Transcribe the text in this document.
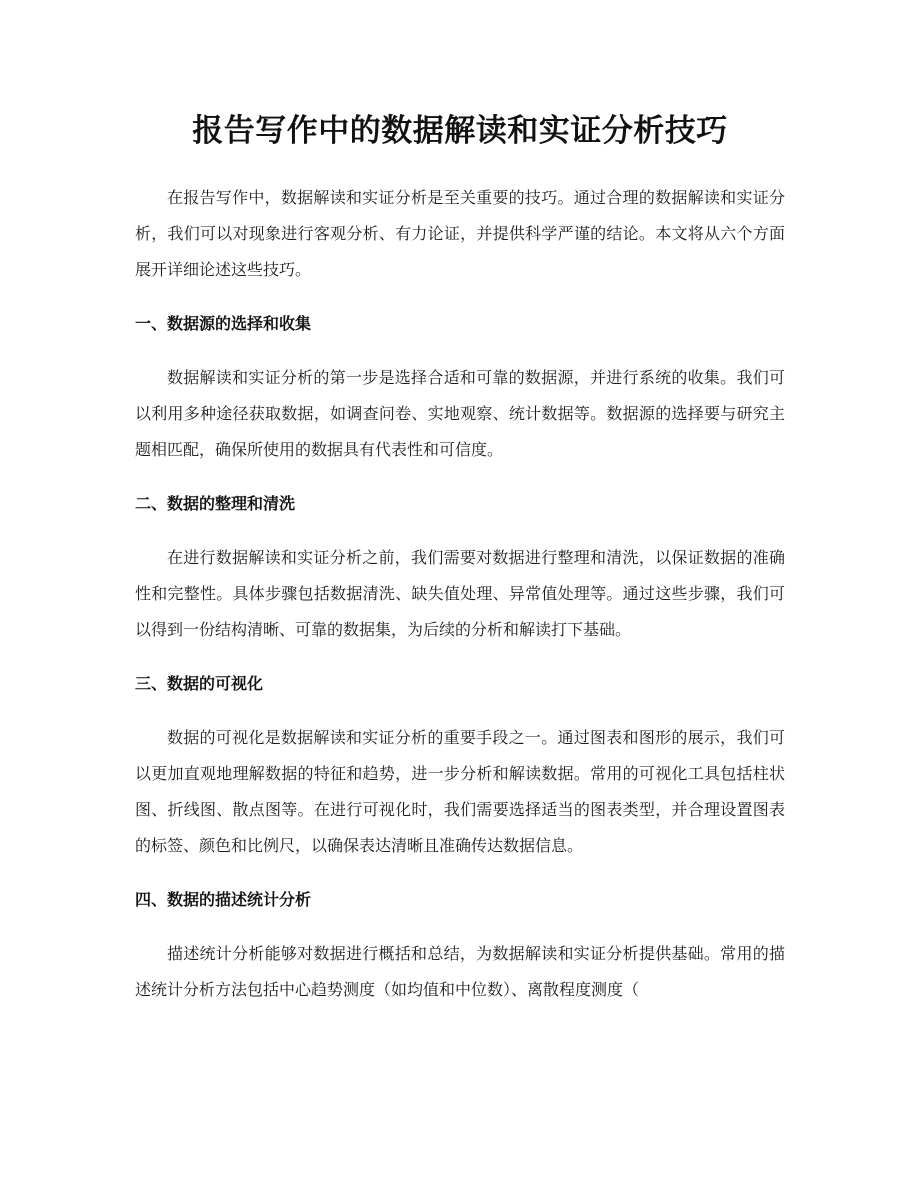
报告写作中的数据解读和实证分析技巧

在报告写作中，数据解读和实证分析是至关重要的技巧。通过合理的数据解读和实证分析，我们可以对现象进行客观分析、有力论证，并提供科学严谨的结论。本文将从六个方面展开详细论述这些技巧。

一、数据源的选择和收集

数据解读和实证分析的第一步是选择合适和可靠的数据源，并进行系统的收集。我们可以利用多种途径获取数据，如调查问卷、实地观察、统计数据等。数据源的选择要与研究主题相匹配，确保所使用的数据具有代表性和可信度。

二、数据的整理和清洗

在进行数据解读和实证分析之前，我们需要对数据进行整理和清洗，以保证数据的准确性和完整性。具体步骤包括数据清洗、缺失值处理、异常值处理等。通过这些步骤，我们可以得到一份结构清晰、可靠的数据集，为后续的分析和解读打下基础。

三、数据的可视化

数据的可视化是数据解读和实证分析的重要手段之一。通过图表和图形的展示，我们可以更加直观地理解数据的特征和趋势，进一步分析和解读数据。常用的可视化工具包括柱状图、折线图、散点图等。在进行可视化时，我们需要选择适当的图表类型，并合理设置图表的标签、颜色和比例尺，以确保表达清晰且准确传达数据信息。

四、数据的描述统计分析

描述统计分析能够对数据进行概括和总结，为数据解读和实证分析提供基础。常用的描述统计分析方法包括中心趋势测度（如均值和中位数）、离散程度测度（
